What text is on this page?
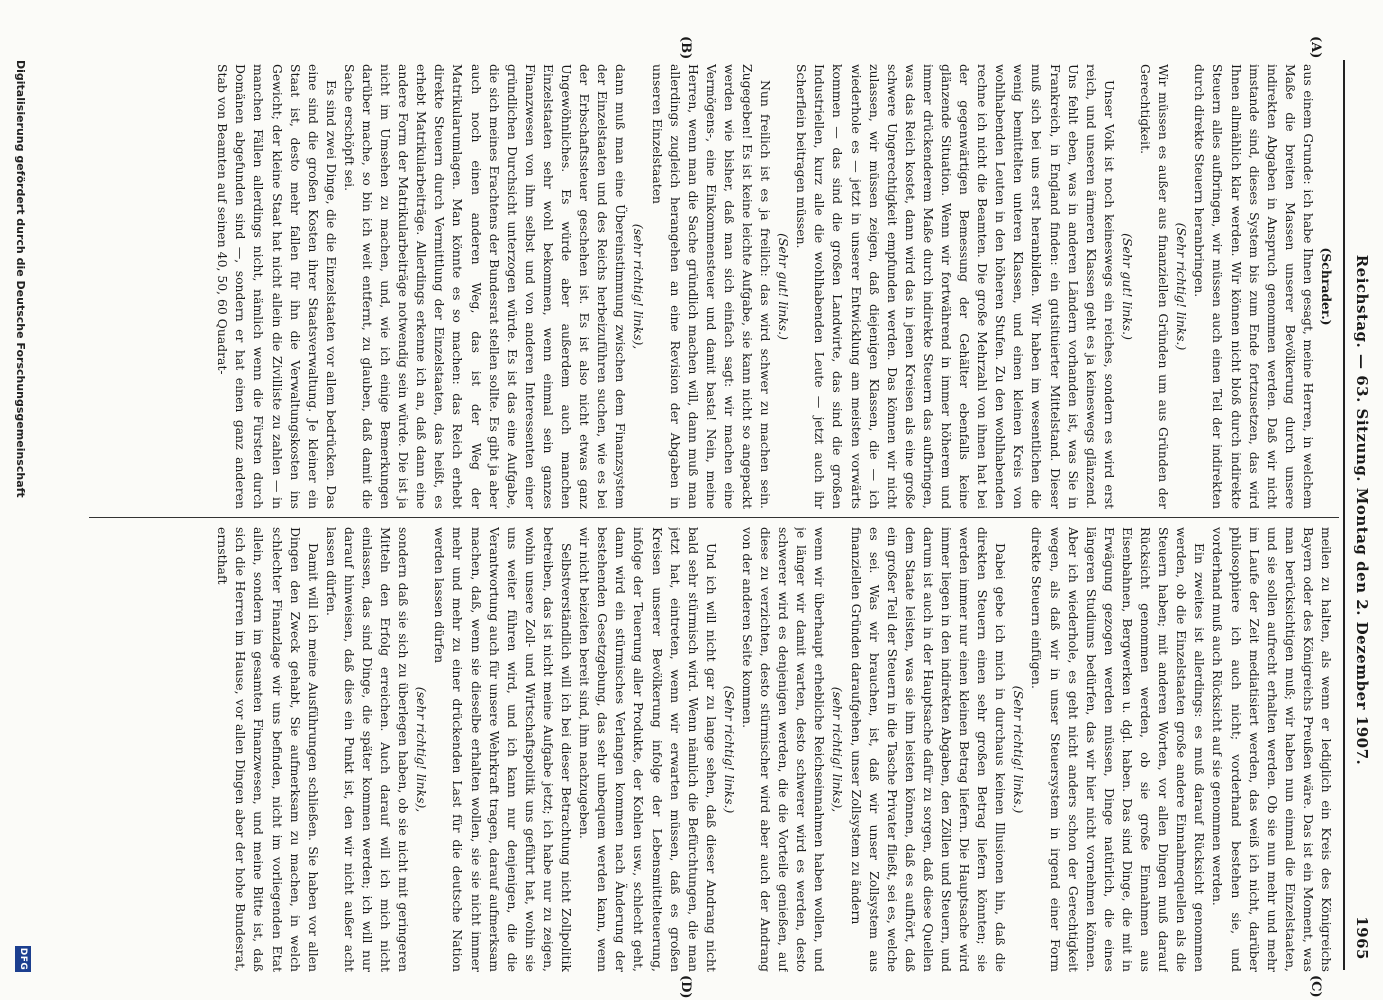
Reichstag. — 63. Sitzung. Montag den 2. Dezember 1907.
1965
(A)
(B)
(C)
(D)

(Schrader.)

aus einem Grunde: ich habe Ihnen gesagt, meine Herren, in welchem Maße die breiten Massen unserer Bevölkerung durch unsere indirekten Abgaben in Anspruch genommen werden. Daß wir nicht imstande sind, dieses System bis zum Ende fortzusetzen, das wird Ihnen allmählich klar werden. Wir können nicht bloß durch indirekte Steuern alles aufbringen, wir müssen auch einen Teil der indirekten durch direkte Steuern heranbringen.

(Sehr richtig! links.)

Wir müssen es außer aus finanziellen Gründen um aus Gründen der Gerechtigkeit.

(Sehr gut! links.)

Unser Volk ist noch keineswegs ein reiches, sondern es wird erst reich, und unseren ärmeren Klassen geht es ja keineswegs glänzend. Uns fehlt eben, was in anderen Ländern vorhanden ist, was Sie in Frankreich, in England finden: ein gutsituierter Mittelstand. Dieser muß sich bei uns erst heranbilden. Wir haben im wesentlichen die wenig bemittelten unteren Klassen, und einen kleinen Kreis von wohlhabenden Leuten in den höheren Stufen. Zu den wohlhabenden rechne ich nicht die Beamten. Die große Mehrzahl von ihnen hat bei der gegenwärtigen Bemessung der Gehälter ebenfalls keine glänzende Situation. Wenn wir fortwährend in immer höherem und immer drückenderem Maße durch indirekte Steuern das aufbringen, was das Reich kostet, dann wird das in jenen Kreisen als eine große schwere Ungerechtigkeit empfunden werden. Das können wir nicht zulassen, wir müssen zeigen, daß diejenigen Klassen, die — ich wiederhole es — jetzt in unserer Entwicklung am meisten vorwärts kommen — das sind die großen Landwirte, das sind die großen Industriellen, kurz alle die wohlhabenden Leute — jetzt auch ihr Scherflein beitragen müssen.

(Sehr gut! links.)

Nun freilich ist es ja freilich: das wird schwer zu machen sein. Zugegeben! Es ist keine leichte Aufgabe, sie kann nicht so angepackt werden wie bisher, daß man sich einfach sagt: wir machen eine Vermögens-, eine Einkommensteuer und damit basta! Nein, meine Herren, wenn man die Sache gründlich machen will, dann muß man allerdings zugleich herangehen an eine Revision der Abgaben in unseren Einzelstaaten

(sehr richtig! links),

dann muß man eine Übereinstimmung zwischen dem Finanzsystem der Einzelstaaten und des Reichs herbeizuführen suchen, wie es bei der Erbschaftssteuer geschehen ist. Es ist also nicht etwas ganz Ungewöhnliches. Es würde aber außerdem auch manchen Einzelstaaten sehr wohl bekommen, wenn einmal sein ganzes Finanzwesen von ihm selbst und von anderen Interessenten einer gründlichen Durchsicht unterzogen würde. Es ist das eine Aufgabe, die sich meines Erachtens der Bundesrat stellen sollte. Es gibt ja aber auch noch einen anderen Weg, das ist der Weg der Matrikularumlagen. Man könnte es so machen: das Reich erhebt direkte Steuern durch Vermittlung der Einzelstaaten, das heißt, es erhebt Matrikularbeiträge. Allerdings erkenne ich an, daß dann eine andere Form der Matrikularbeiträge notwendig sein würde. Die ist ja nicht im Umsehen zu machen, und, wie ich einige Bemerkungen darüber mache, so bin ich weit entfernt, zu glauben, daß damit die Sache erschöpft sei.

Es sind zwei Dinge, die die Einzelstaaten vor allem bedrücken. Das eine sind die großen Kosten ihrer Staatsverwaltung. Je kleiner ein Staat ist, desto mehr fallen für ihn die Verwaltungskosten ins Gewicht; der kleine Staat hat nicht allein die Zivilliste zu zahlen — in manchen Fällen allerdings nicht, nämlich wenn die Fürsten durch Domänen abgefunden sind —, sondern er hat einen ganz anderen Stab von Beamten auf seinen 40, 50, 60 Quadrat-

meilen zu halten, als wenn er lediglich ein Kreis des Königreichs Bayern oder des Königreichs Preußen wäre. Das ist ein Moment, was man berücksichtigen muß; wir haben nun einmal die Einzelstaaten, und sie sollen aufrecht erhalten werden. Ob sie nun mehr und mehr im Laufe der Zeit mediatisiert werden, das weiß ich nicht, darüber philosophiere ich auch nicht; vorderhand bestehen sie, und vorderhand muß auch Rücksicht auf sie genommen werden.

Ein zweites ist allerdings: es muß darauf Rücksicht genommen werden, ob die Einzelstaaten große andere Einnahmequellen als die Steuern haben; mit anderen Worten, vor allen Dingen muß darauf Rücksicht genommen werden, ob sie große Einnahmen aus Eisenbahnen, Bergwerken u. dgl. haben. Das sind Dinge, die mit in Erwägung gezogen werden müssen, Dinge natürlich, die eines längeren Studiums bedürfen, das wir hier nicht vornehmen können. Aber ich wiederhole, es geht nicht anders schon der Gerechtigkeit wegen, als daß wir in unser Steuersystem in irgend einer Form direkte Steuern einfügen.

(Sehr richtig! links.)

Dabei gebe ich mich in durchaus keinen Illusionen hin, daß die direkten Steuern einen sehr großen Betrag liefern könnten; sie werden immer nur einen kleinen Betrag liefern. Die Hauptsache wird immer liegen in den indirekten Abgaben, den Zöllen und Steuern, und darum ist auch in der Hauptsache dafür zu sorgen, daß diese Quellen dem Staate leisten, was sie ihm leisten können, daß es aufhört, daß ein großer Teil der Steuern in die Tasche Privater fließt, sei es, welche es sei. Was wir brauchen, ist, daß wir unser Zollsystem aus finanziellen Gründen daraufgehen, unser Zollsystem zu ändern

(sehr richtig! links),

wenn wir überhaupt erhebliche Reichseinnahmen haben wollen, und je länger wir damit warten, desto schwerer wird es werden, desto schwerer wird es denjenigen werden, die die Vorteile genießen, auf diese zu verzichten, desto stürmischer wird aber auch der Andrang von der anderen Seite kommen.

(Sehr richtig! links.)

Und ich will nicht gar zu lange sehen, daß dieser Andrang nicht bald sehr stürmisch wird. Wenn nämlich die Befürchtungen, die man jetzt hat, eintreten, wenn wir erwarten müssen, daß es großen Kreisen unserer Bevölkerung infolge der Lebensmittelteuerung, infolge der Teuerung aller Produkte, der Kohlen usw., schlecht geht, dann wird ein stürmisches Verlangen kommen nach Änderung der bestehenden Gesetzgebung, das sehr unbequem werden kann, wenn wir nicht beizeiten bereit sind, ihm nachzugeben.

Selbstverständlich will ich bei dieser Betrachtung nicht Zollpolitik betreiben, das ist nicht meine Aufgabe jetzt; ich habe nur zu zeigen, wohin unsere Zoll- und Wirtschaftspolitik uns geführt hat, wohin sie uns weiter führen wird, und ich kann nur denjenigen, die die Verantwortung auch für unsere Wehrkraft tragen, darauf aufmerksam machen, daß, wenn sie dieselbe erhalten wollen, sie sie nicht immer mehr und mehr zu einer drückenden Last für die deutsche Nation werden lassen dürfen

(sehr richtig! links),

sondern daß sie sich zu überlegen haben, ob sie nicht mit geringeren Mitteln den Erfolg erreichen. Auch darauf will ich mich nicht einlassen, das sind Dinge, die später kommen werden; ich will nur darauf hinweisen, daß dies ein Punkt ist, den wir nicht außer acht lassen dürfen.

Damit will ich meine Ausführungen schließen. Sie haben vor allen Dingen den Zweck gehabt, Sie aufmerksam zu machen, in welch schlechter Finanzlage wir uns befinden, nicht im vorliegenden Etat allein, sondern im gesamten Finanzwesen, und meine Bitte ist, daß sich die Herren im Hause, vor allen Dingen aber der hohe Bundesrat, ernsthaft

Digitalisierung gefördert durch die Deutsche Forschungsgemeinschaft
DFG
